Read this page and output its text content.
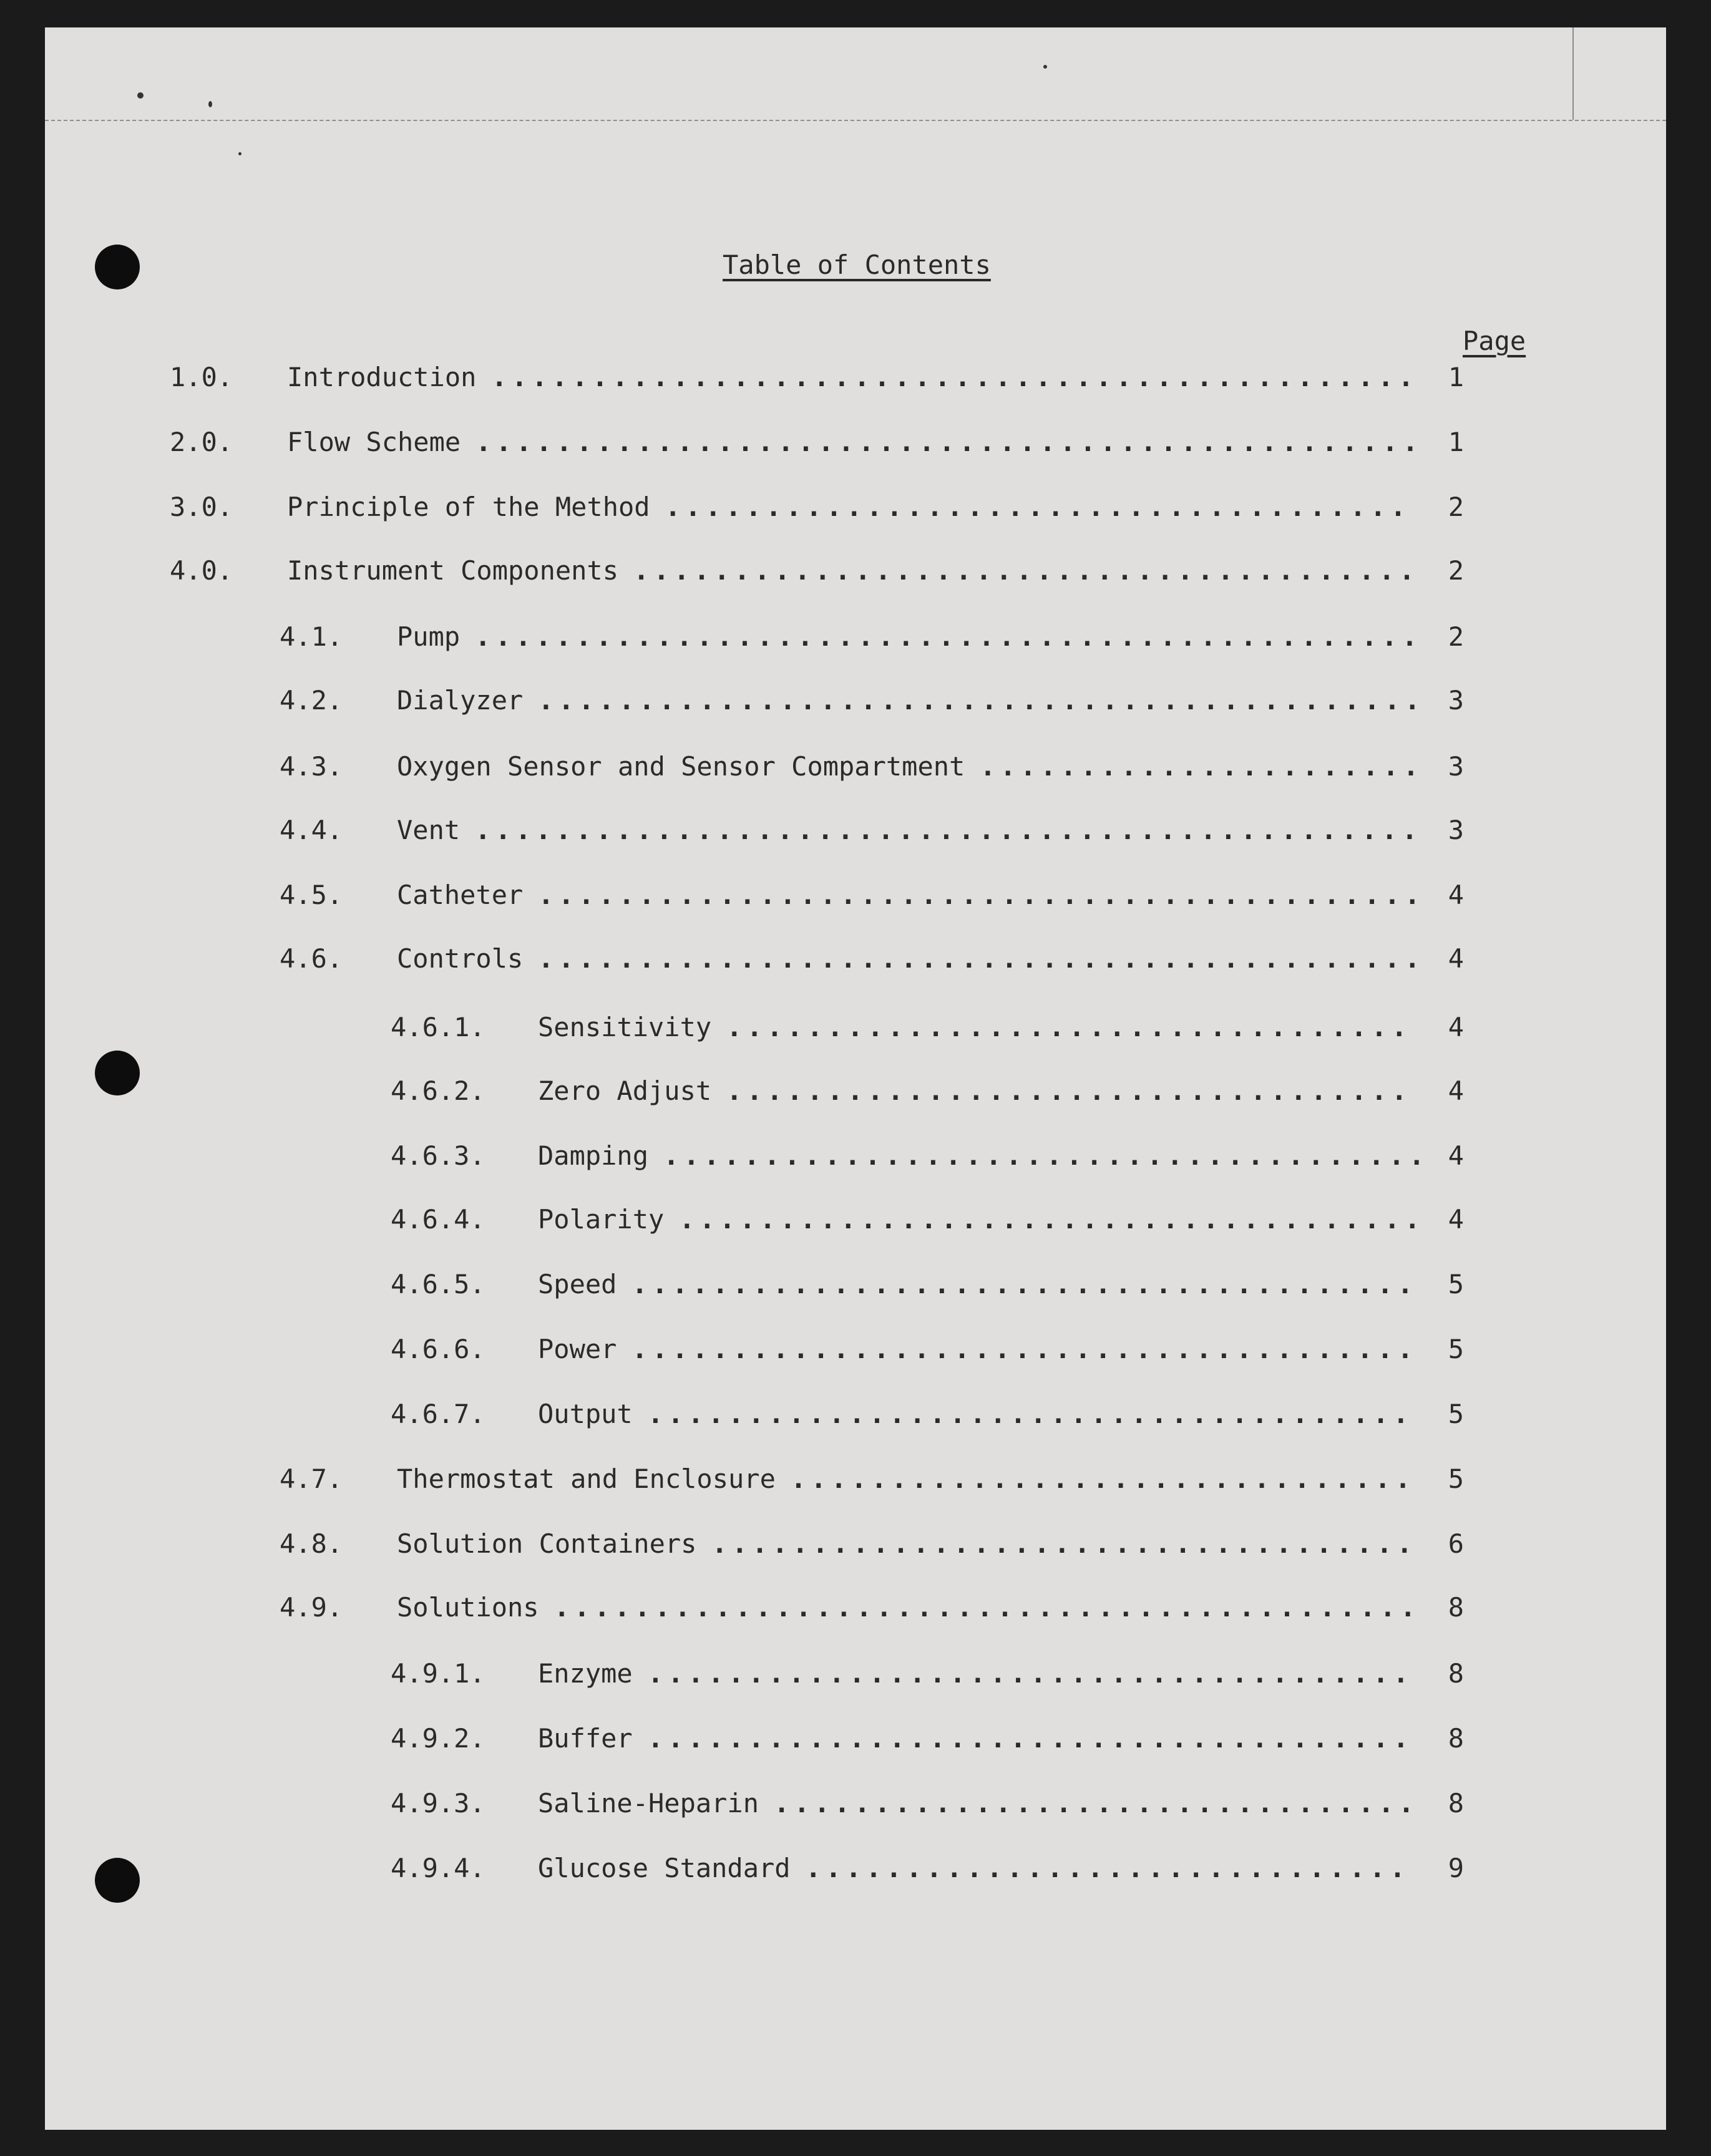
Table of Contents
Page
1.0. Introduction ..............................................	1
2.0. Flow Scheme ............................................... 1
3.0. Principle of the Method .....................................	2
4.0. Instrument Components .......................................	2
4.1. Pump ...............................................	2
4.2. Dialyzer ............................................ 3
4.3. Oxygen Sensor and Sensor Compartment ...................... 3
4.4. Vent ...............................................	3
4.5. Catheter ............................................ 4
4.6. Controls ............................................ 4
4.6.1. Sensitivity ..................................	4
4.6.2. Zero Adjust ..................................	4
4.6.3. Damping ...................................... 4
4.6.4. Polarity ..................................... 4
4.6.5. Speed .......................................	5
4.6.6. Power .......................................	5
4.6.7. Output ......................................	5
4.7. Thermostat and Enclosure ...............................	5
4.8. Solution Containers ...................................	6
4.9. Solutions ...........................................	8
4.9.1. Enzyme ......................................	8
4.9.2. Buffer ......................................	8
4.9.3. Saline-Heparin ................................	8
4.9.4. Glucose Standard ..............................	9
